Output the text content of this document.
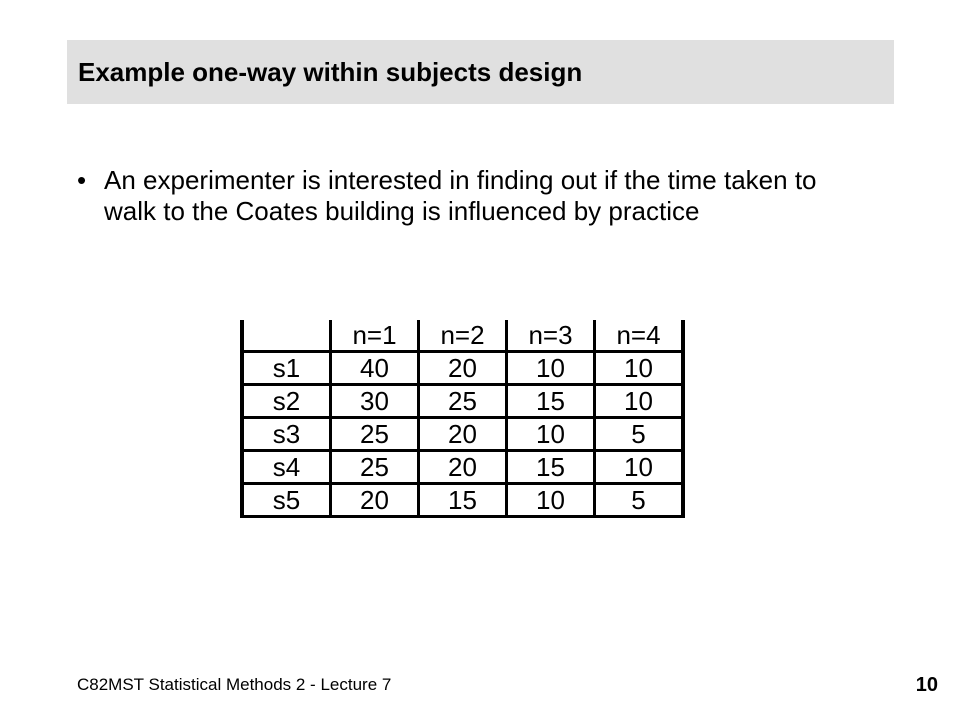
Example one-way within subjects design
• An experimenter is interested in finding out if the time taken to walk to the Coates building is influenced by practice
	n=1	n=2	n=3	n=4
s1	40	20	10	10
s2	30	25	15	10
s3	25	20	10	5
s4	25	20	15	10
s5	20	15	10	5
C82MST Statistical Methods 2 - Lecture 7	10
